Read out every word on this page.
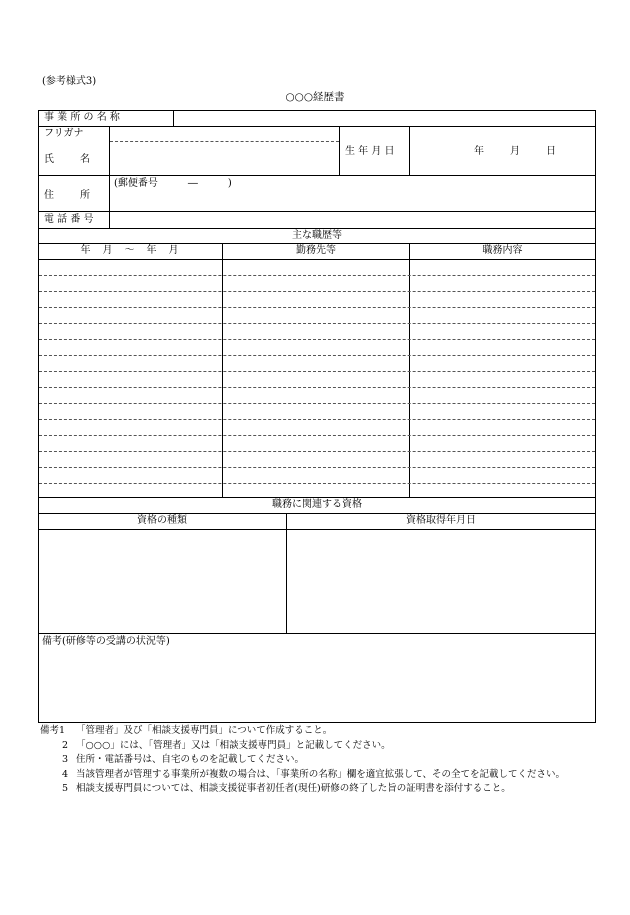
(参考様式3)
○○○経歴書
事 業 所 の 名 称
フリガナ
氏　　名
生 年 月 日	年　　月　　日
住　　所
(郵便番号　　　―　　　)
電 話 番 号
主な職歴等
年　月　～　年　月	勤務先等	職務内容
職務に関連する資格
資格の種類	資格取得年月日
備考(研修等の受講の状況等)
備考1	「管理者」及び「相談支援専門員」について作成すること。
2 「○○○」には、「管理者」又は「相談支援専門員」と記載してください。
3 住所・電話番号は、自宅のものを記載してください。
4 当該管理者が管理する事業所が複数の場合は、「事業所の名称」欄を適宜拡張して、その全てを記載してください。
5 相談支援専門員については、相談支援従事者初任者(現任)研修の終了した旨の証明書を添付すること。
